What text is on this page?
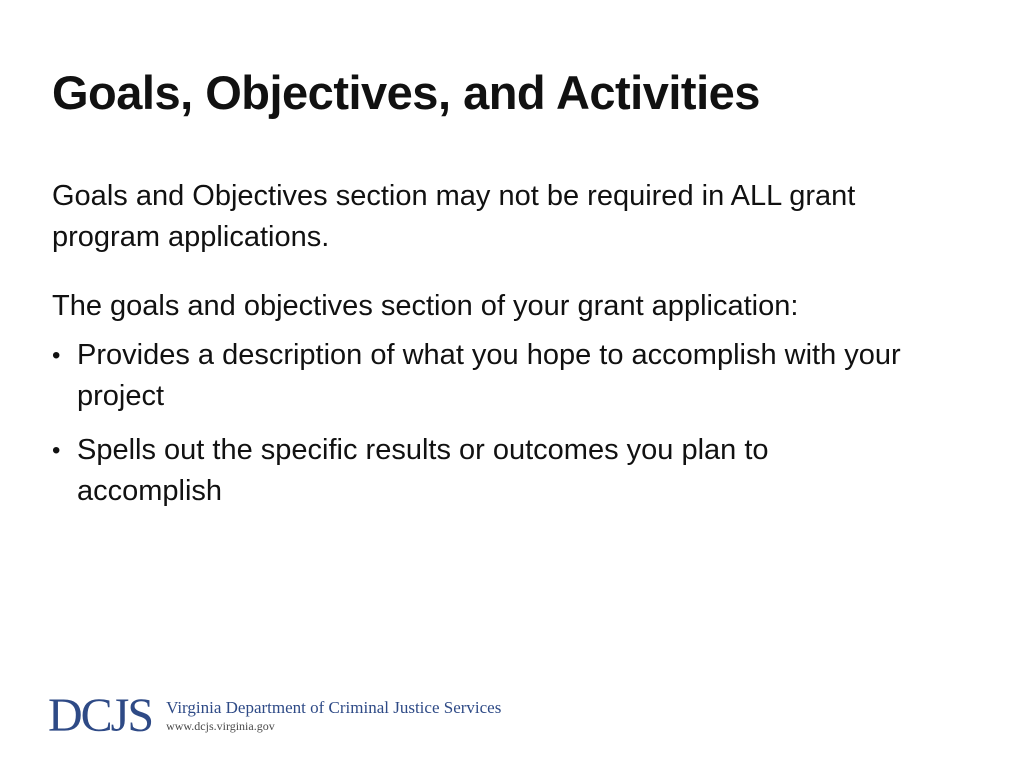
Goals, Objectives, and Activities

Goals and Objectives section may not be required in ALL grant program applications.

The goals and objectives section of your grant application:

• Provides a description of what you hope to accomplish with your project
• Spells out the specific results or outcomes you plan to accomplish
DCJS Virginia Department of Criminal Justice Services
www.dcjs.virginia.gov
